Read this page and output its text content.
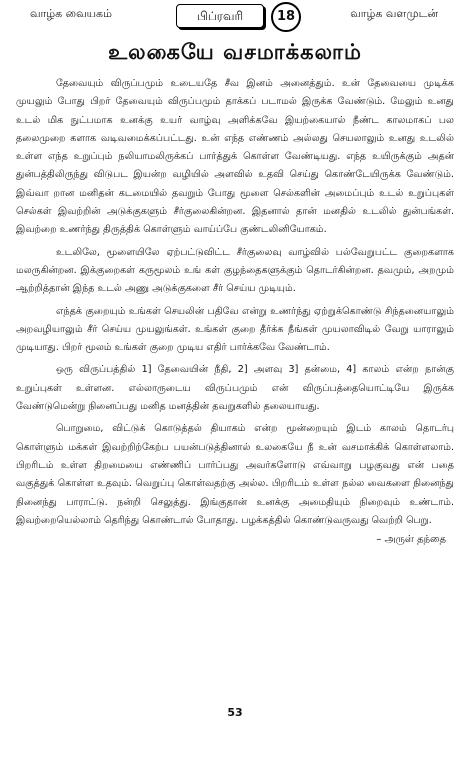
வாழ்க வையகம்	பிப்ரவரி	18	வாழ்க வளமுடன்
உலகையே வசமாக்கலாம்

தேவையும் விருப்பமும் உடையதே சீவ இனம் அனைத்தும். உன் தேவையை முடிக்க முயலும் போது பிறர் தேவையும் விருப்பமும் தாக்கப் படாமல் இருக்க வேண்டும். மேலும் உனது உடல் மிக நுட்பமாக உனக்கு உயர் வாழ்வு அளிக்கவே இயற்கையால் நீண்ட காலமாகப் பல தலைமுறை களாக வடிவமைக்கப்பட்டது. உன் எந்த எண்ணம் அல்லது செயலாலும் உனது உடலில் உள்ள எந்த உறுப்பும் நலியாமலிருக்கப் பார்த்துக் கொள்ள வேண்டியது. எந்த உயிருக்கும் அதன் துன்பத்திலிருந்து விடுபட இயன்ற வழியில் அளவில் உதவி செய்து கொண்டேயிருக்க வேண்டும். இவ்வா றான மனிதன் கடமையில் தவறும் போது மூளை செல்களின் அமைப்பும் உடல் உறுப்புகள் செல்கள் இவற்றின் அடுக்குகளும் சீர்குலைகின்றன. இதனால் தான் மனதில் உடலில் துன்பங்கள். இவற்றை உணர்ந்து திருத்திக் கொள்ளும் வாய்ப்பே குண்டலினியோகம்.

உடலிலே, மூளையிலே ஏற்பட்டுவிட்ட சீர்குலைவு வாழ்வில் பல்வேறுபட்ட குறைகளாக மலருகின்றன. இக்குறைகள் கருமூலம் உங் கள் குழந்தைகளுக்கும் தொடர்கின்றன. தவமும், அறமும் ஆற்றித்தான் இந்த உடல் அணு அடுக்குகளை சீர் செய்ய முடியும்.

எந்தக் குறையும் உங்கள் செயலின் பதிவே என்று உணர்ந்து ஏற்றுக்கொண்டு சிந்தனையாலும் அறவழியாலும் சீர் செய்ய முயலுங்கள். உங்கள் குறை தீர்க்க நீங்கள் முயலாவிடில் வேறு யாராலும் முடியாது. பிறர் மூலம் உங்கள் குறை முடிய எதிர் பார்க்கவே வேண்டாம்.

ஒரு விருப்பத்தில் 1] தேவையின் நீதி, 2] அளவு 3] தன்மை, 4] காலம் என்ற நான்கு உறுப்புகள் உள்ளன. எல்லாருடைய விருப்பமும் என் விருப்பத்தையொட்டியே இருக்க வேண்டுமென்று நினைப்பது மனித மனத்தின் தவறுகளில் தலையாயது.

பொறுமை, விட்டுக் கொடுத்தல் தியாகம் என்ற மூன்றையும் இடம் காலம் தொடர்பு கொள்ளும் மக்கள் இவற்றிற்கேற்ப பயன்படுத்தினால் உலகையே நீ உன் வசமாக்கிக் கொள்ளலாம். பிறரிடம் உள்ள திறமையை எண்ணிப் பார்ப்பது அவர்களோடு எவ்வாறு பழகுவது என் பதை வகுத்துக் கொள்ள உதவும். வெறுப்பு கொள்வதற்கு அல்ல. பிறரிடம் உள்ள நல்ல வைகளை நினைந்து நினைந்து பாராட்டு. நன்றி செலுத்து. இங்குதான் உனக்கு அமைதியும் நிறைவும் உண்டாம். இவற்றையெல்லாம் தெரிந்து கொண்டால் போதாது. பழக்கத்தில் கொண்டுவருவது வெற்றி பெறு.

– அருள் தந்தை
53
